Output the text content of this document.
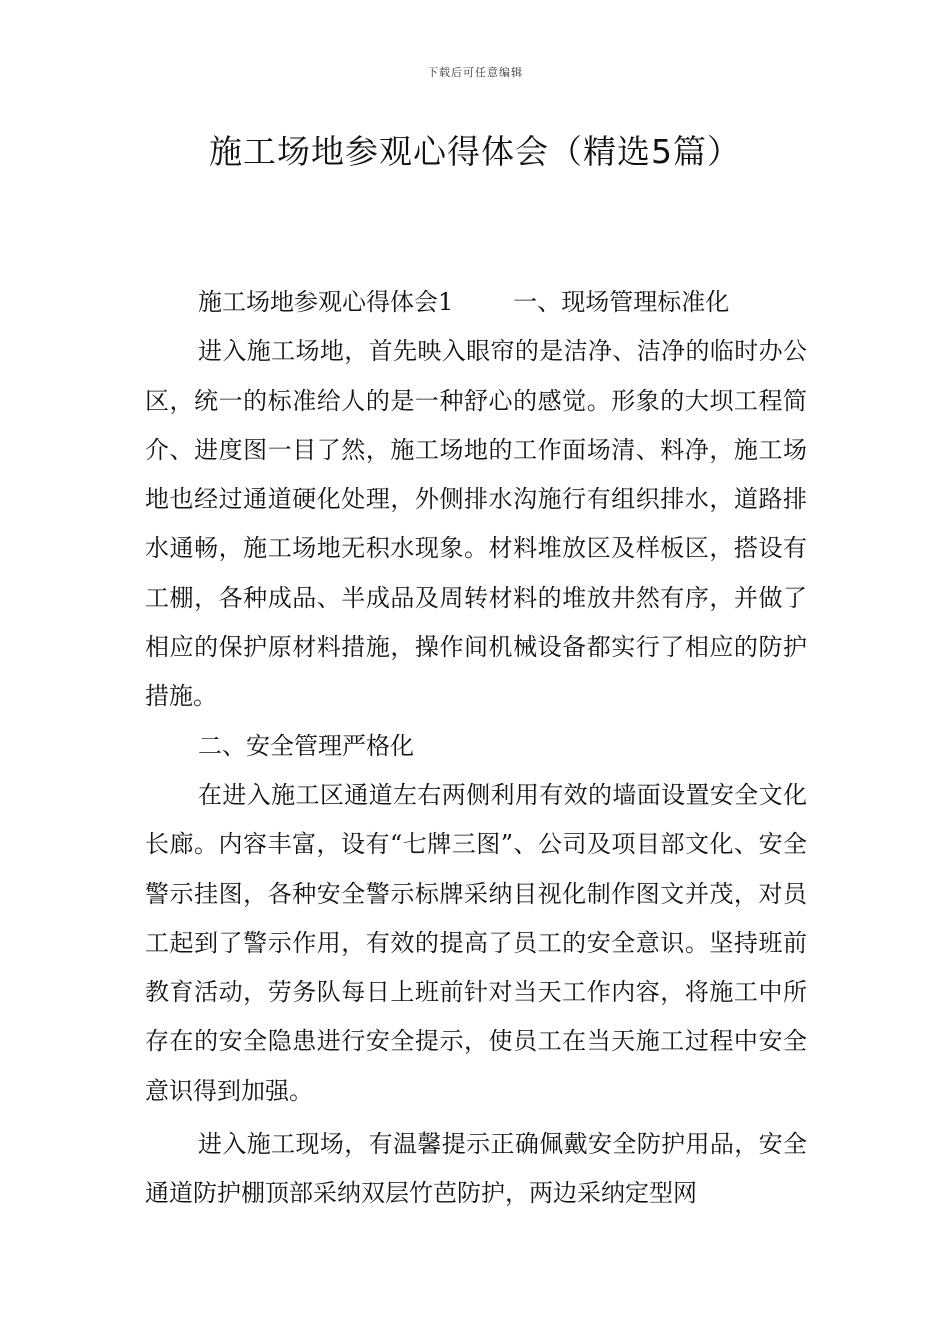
下载后可任意编辑
施工场地参观心得体会（精选5篇）

施工场地参观心得体会1	一、现场管理标准化

进入施工场地，首先映入眼帘的是洁净、洁净的临时办公区，统一的标准给人的是一种舒心的感觉。形象的大坝工程简介、进度图一目了然，施工场地的工作面场清、料净，施工场地也经过通道硬化处理，外侧排水沟施行有组织排水，道路排水通畅，施工场地无积水现象。材料堆放区及样板区，搭设有工棚，各种成品、半成品及周转材料的堆放井然有序，并做了相应的保护原材料措施，操作间机械设备都实行了相应的防护措施。

二、安全管理严格化

在进入施工区通道左右两侧利用有效的墙面设置安全文化长廊。内容丰富，设有“七牌三图”、公司及项目部文化、安全警示挂图，各种安全警示标牌采纳目视化制作图文并茂，对员工起到了警示作用，有效的提高了员工的安全意识。坚持班前教育活动，劳务队每日上班前针对当天工作内容，将施工中所存在的安全隐患进行安全提示，使员工在当天施工过程中安全意识得到加强。

进入施工现场，有温馨提示正确佩戴安全防护用品，安全通道防护棚顶部采纳双层竹芭防护，两边采纳定型网
